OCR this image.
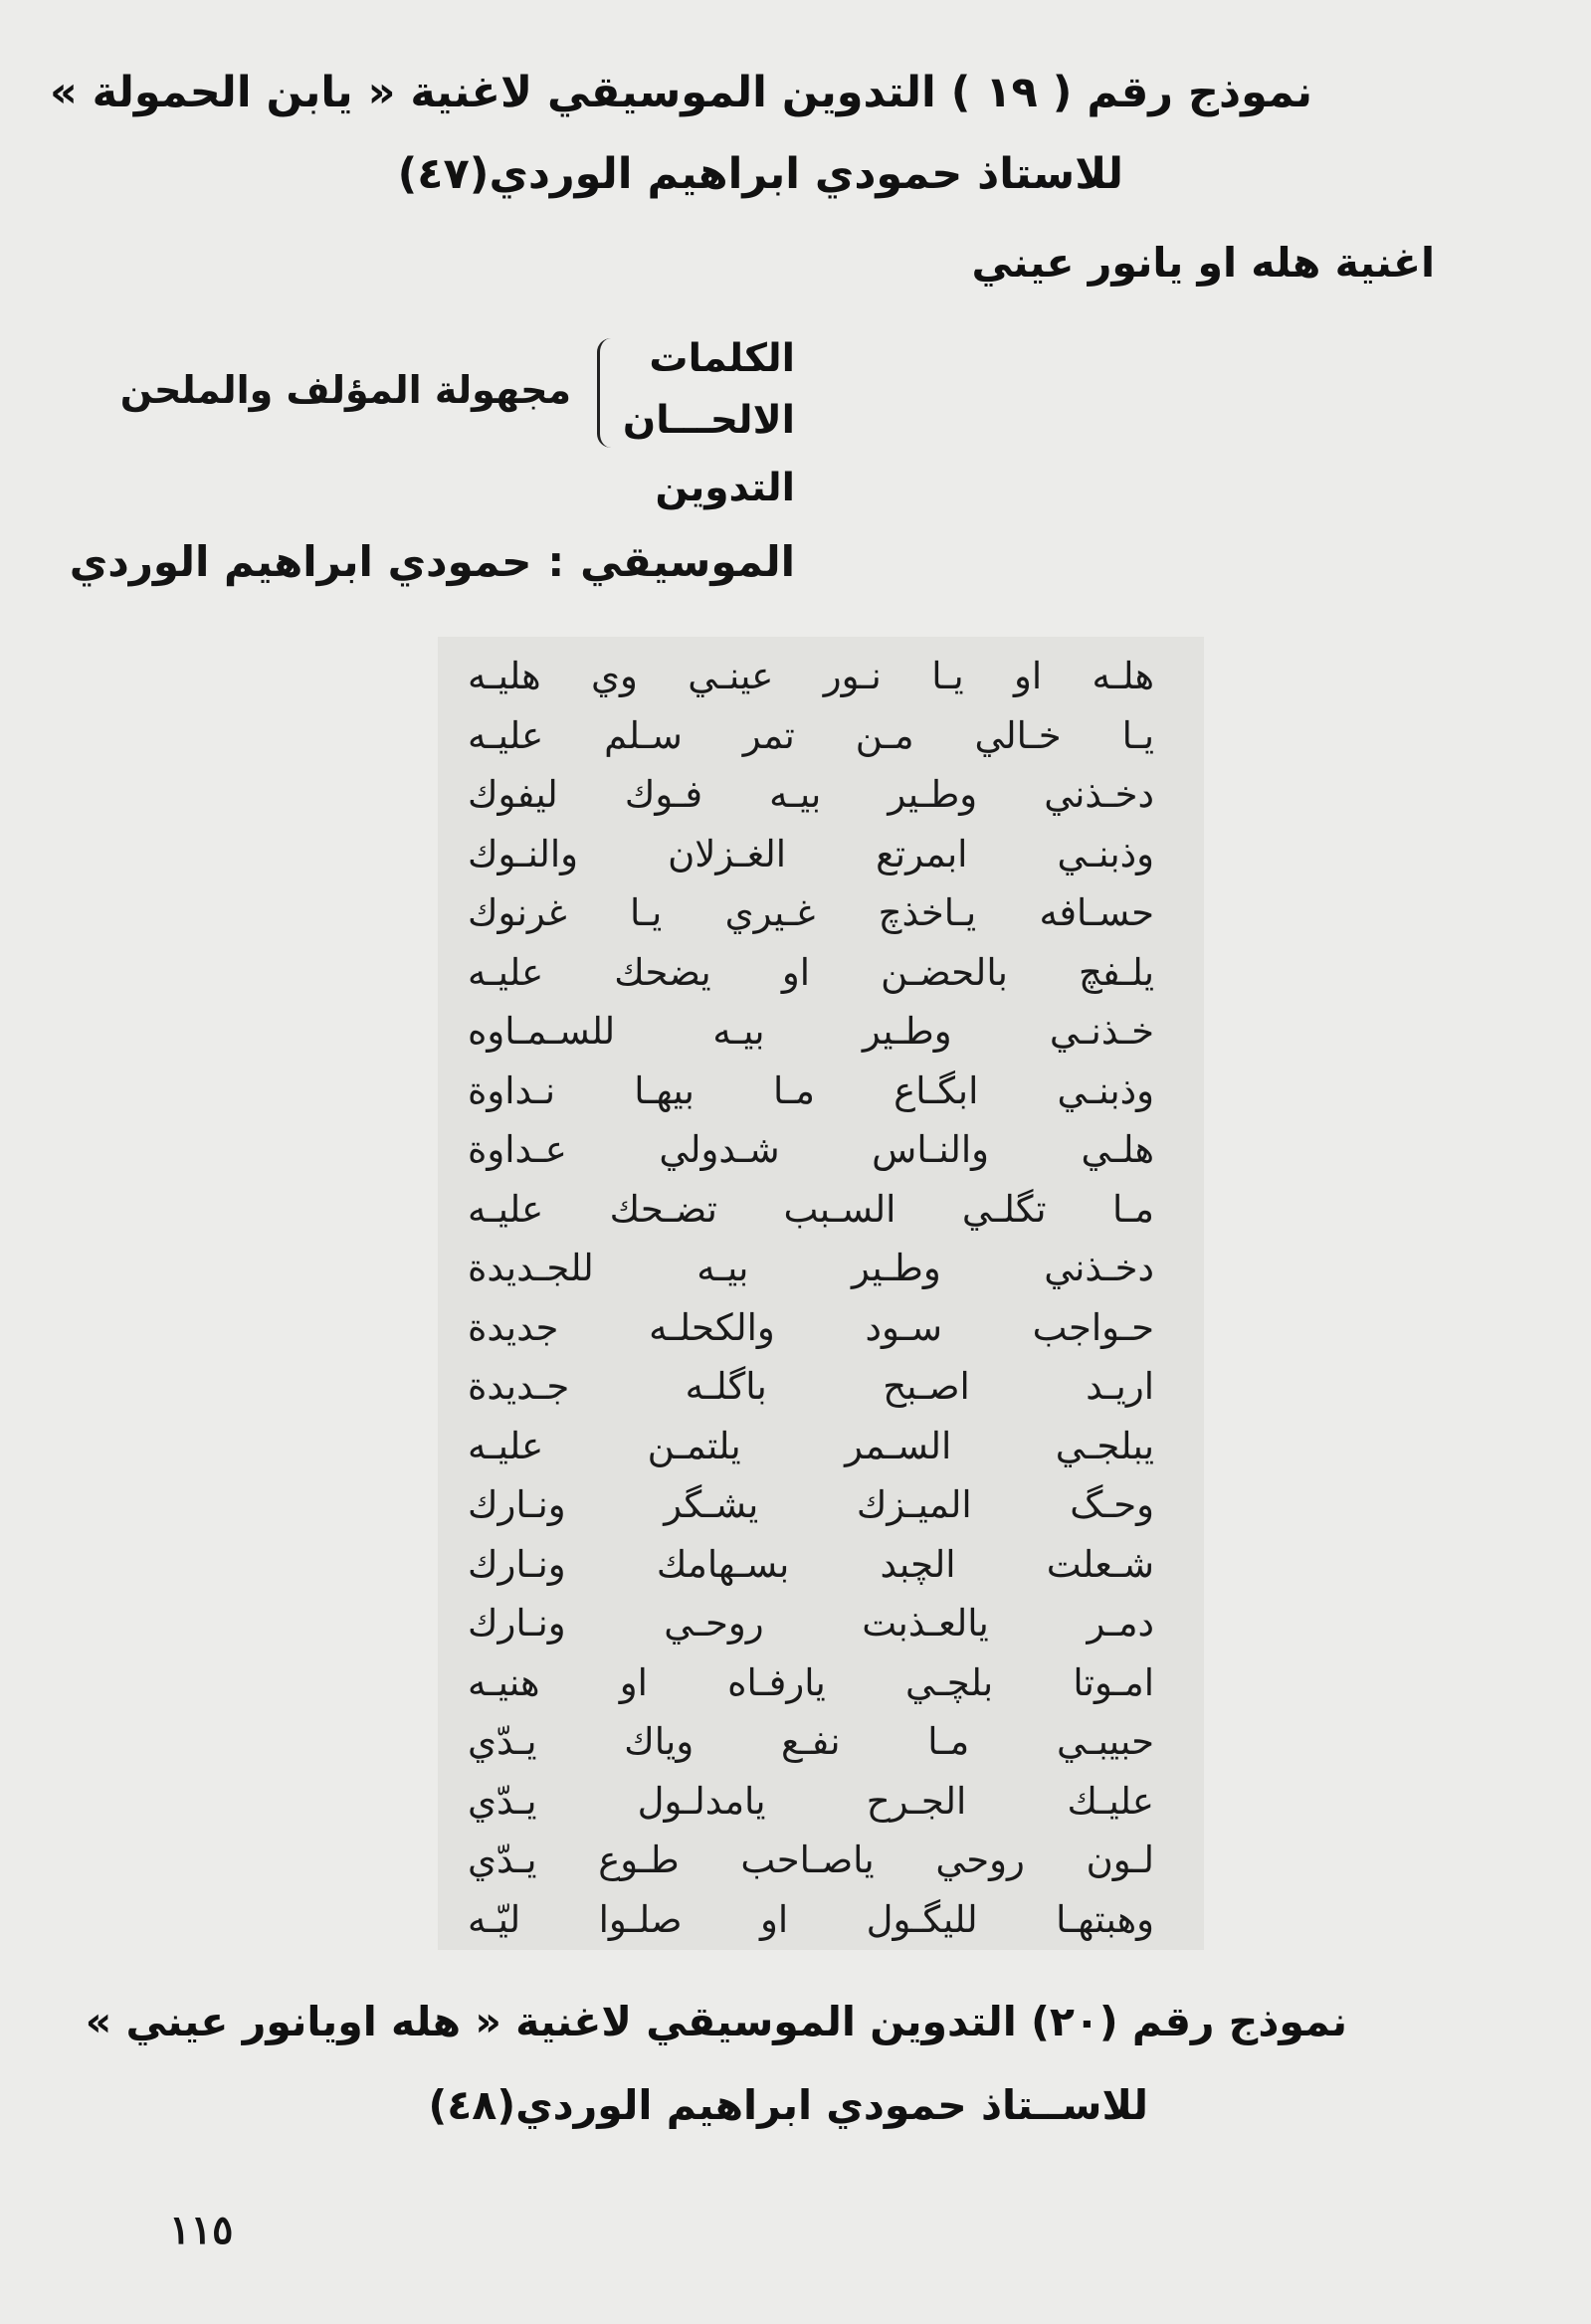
نموذج رقم ( ١٩ ) التدوين الموسيقي لاغنية « يابن الحمولة »
للاستاذ حمودي ابراهيم الوردي(٤٧)
اغنية هله او يانور عيني
الكلمات
الالحـــان
التدوين
مجهولة المؤلف والملحن
الموسيقي:حمودي ابراهيم الوردي
هلـه او يـا نـور عينـي وي هليـه
يـا خـالي مـن تمر سـلم عليـه
دخـذني وطـير بيـه فـوك ليفوك
وذبنـي ابمرتع الغـزلان والنـوك
حسـافه يـاخذچ غـيري يـا غرنوك
يلـفچ بالحضـن او يضحك عليـه
خـذنـي وطـير بيـه للسـمـاوه
وذبنـي ابگـاع مـا بيهـا نـداوة
هلـي والنـاس شـدولي عـداوة
مـا تگلـي السـبب تضـحك عليـه
دخـذني وطـير بيـه للجـديدة
حـواجب سـود والكحلـه جديدة
اريـد اصـبح باگلـه جـديدة
يبلجـي السـمر يلتمـن عليـه
وحـگ الميـزك يشـگر ونـارك
شـعلت الچبد بسـهامك ونـارك
دمـر يالعـذبت روحـي ونـارك
امـوتا بلچـي يارفـاه او هنيـه
حبيبـي مـا نفـع وياك يـدّي
عليـك الجـرح يامدلـول يـدّي
لـون روحي ياصـاحب طـوع يـدّي
وهبتهـا لليگـول او صلـوا ليّـه
نموذج رقم (٢٠) التدوين الموسيقي لاغنية « هله اويانور عيني »
للاســتاذ حمودي ابراهيم الوردي(٤٨)
١١٥
